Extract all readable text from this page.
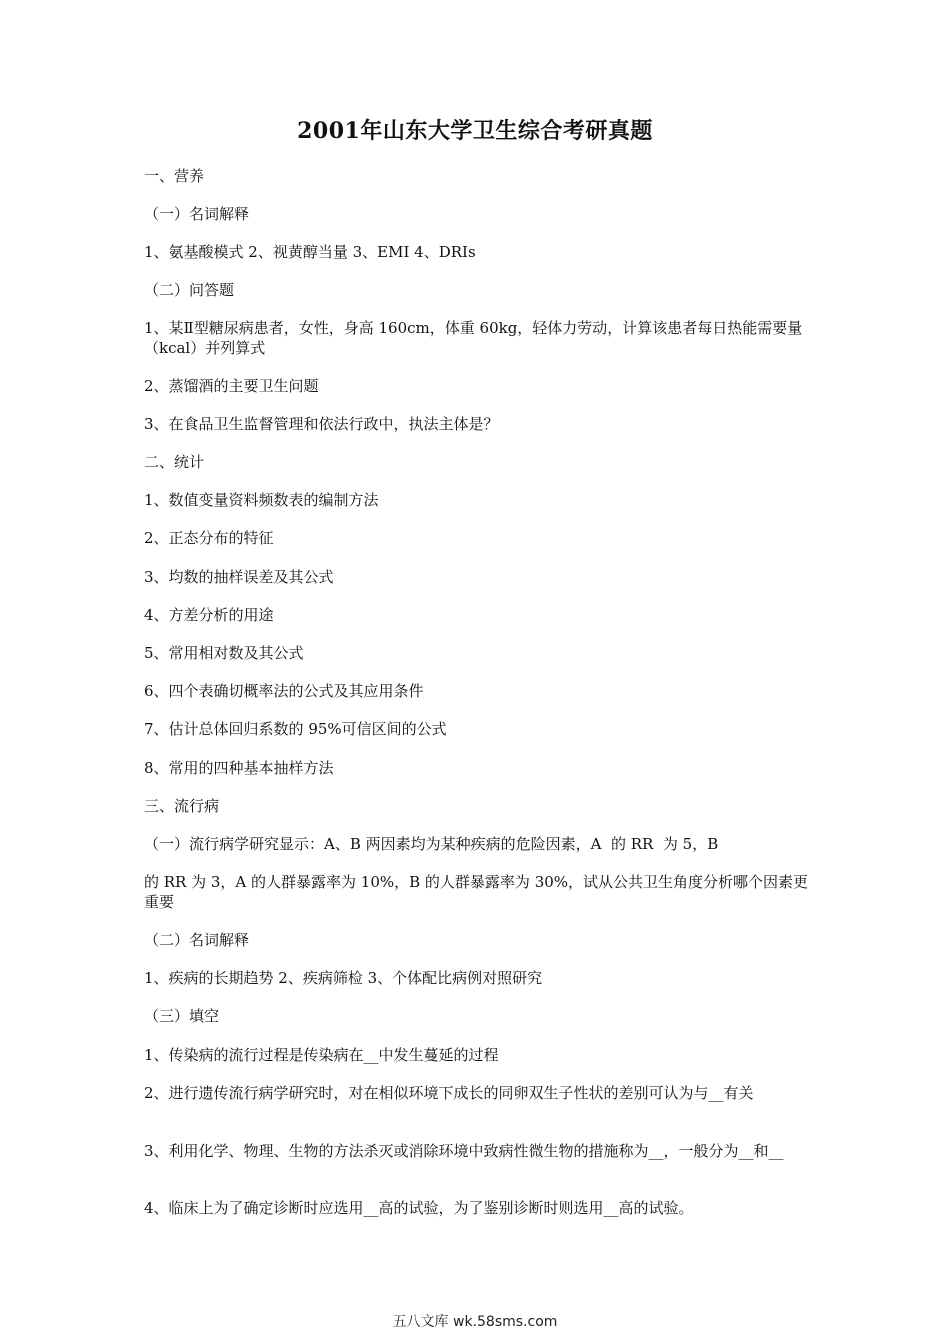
2001年山东大学卫生综合考研真题
一、营养
（一）名词解释
1、氨基酸模式 2、视黄醇当量 3、EMI 4、DRIs
（二）问答题
1、某Ⅱ型糖尿病患者，女性，身高 160cm，体重 60kg，轻体力劳动，计算该患者每日热能需要量（kcal）并列算式
2、蒸馏酒的主要卫生问题
3、在食品卫生监督管理和依法行政中，执法主体是？
二、统计
1、数值变量资料频数表的编制方法
2、正态分布的特征
3、均数的抽样误差及其公式
4、方差分析的用途
5、常用相对数及其公式
6、四个表确切概率法的公式及其应用条件
7、估计总体回归系数的 95%可信区间的公式
8、常用的四种基本抽样方法
三、流行病
（一）流行病学研究显示：A、B 两因素均为某种疾病的危险因素，A  的 RR  为 5，B
的 RR 为 3，A 的人群暴露率为 10%，B 的人群暴露率为 30%，试从公共卫生角度分析哪个因素更重要
（二）名词解释
1、疾病的长期趋势 2、疾病筛检 3、个体配比病例对照研究
（三）填空
1、传染病的流行过程是传染病在__中发生蔓延的过程
2、进行遗传流行病学研究时，对在相似环境下成长的同卵双生子性状的差别可认为与__有关
3、利用化学、物理、生物的方法杀灭或消除环境中致病性微生物的措施称为__，一般分为__和__
4、临床上为了确定诊断时应选用__高的试验，为了鉴别诊断时则选用__高的试验。
五八文库 wk.58sms.com
